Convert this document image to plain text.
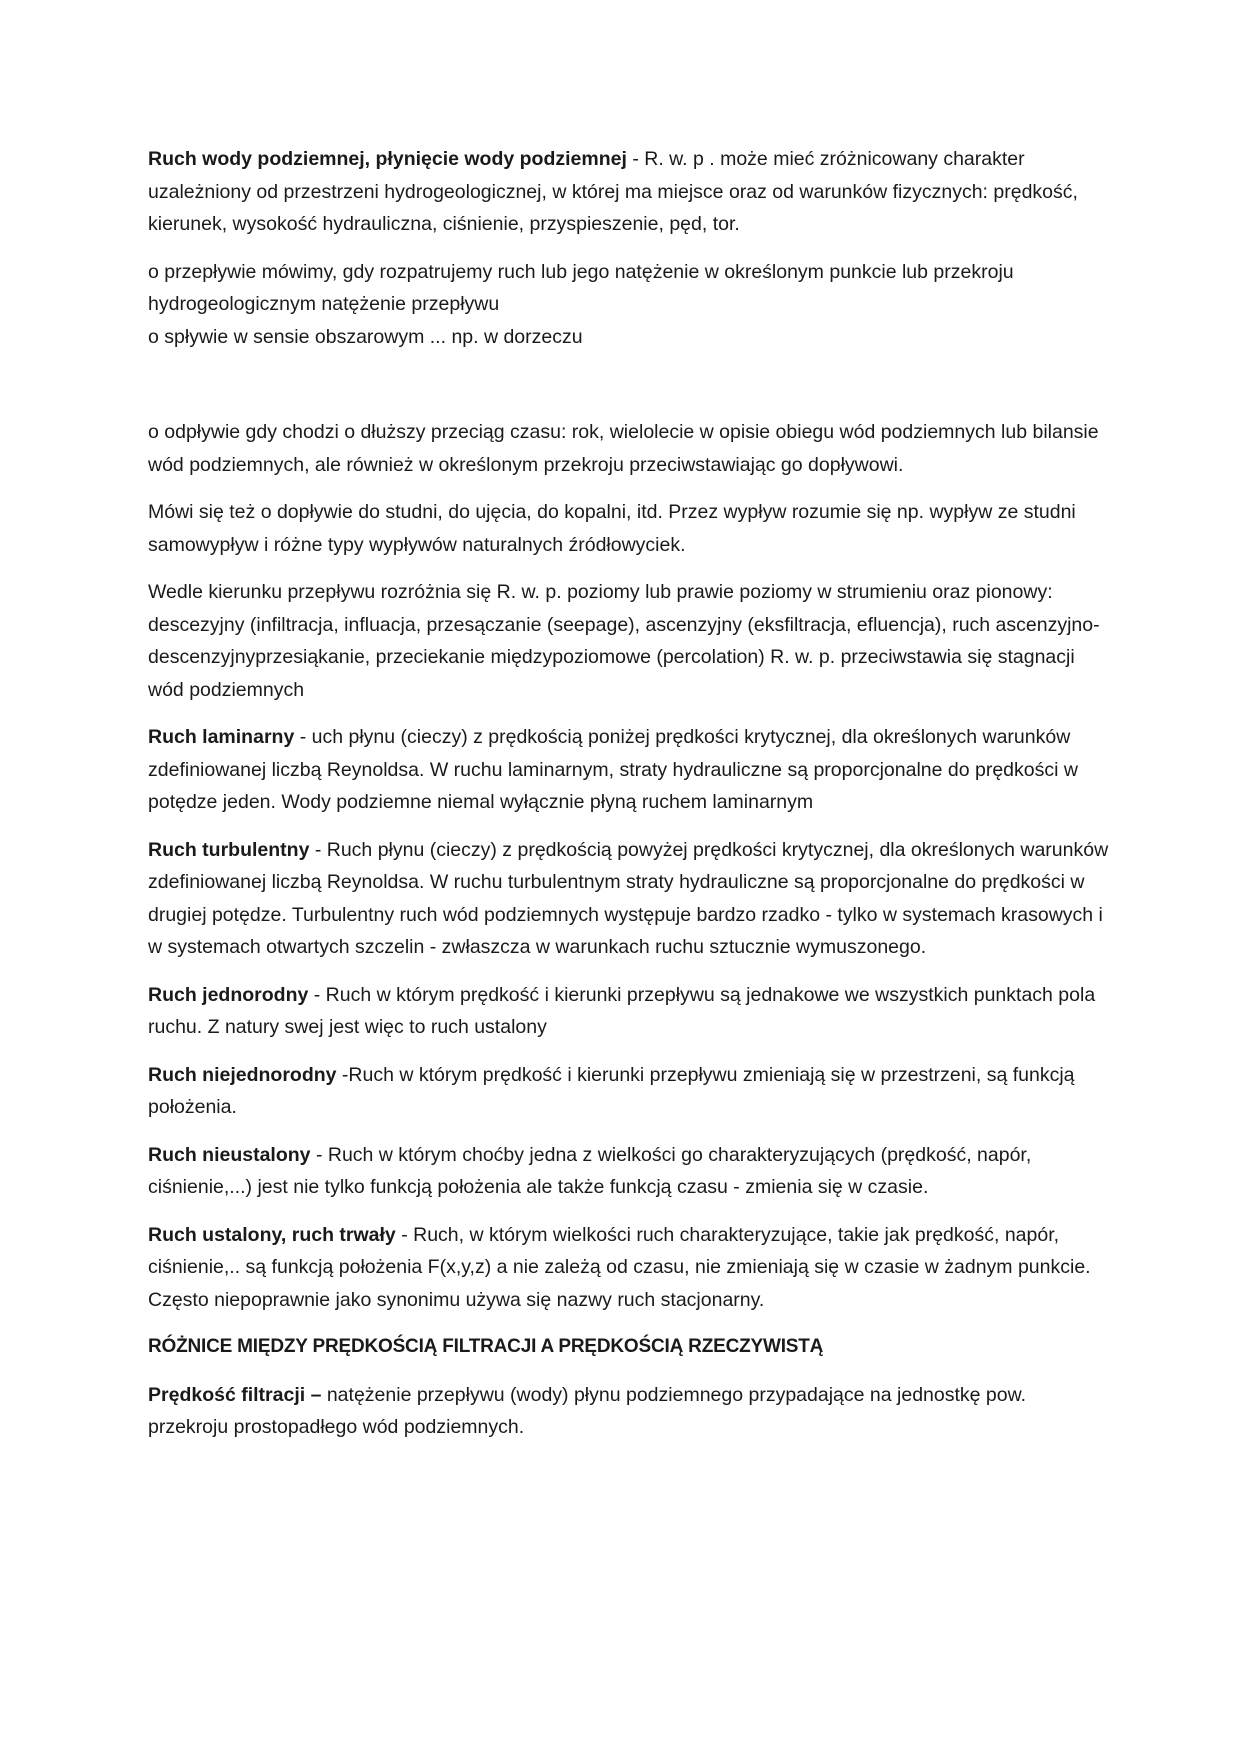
Ruch wody podziemnej, płynięcie wody podziemnej - R. w. p . może mieć zróżnicowany charakter uzależniony od przestrzeni hydrogeologicznej, w której ma miejsce oraz od warunków fizycznych: prędkość, kierunek, wysokość hydrauliczna, ciśnienie, przyspieszenie, pęd, tor.

o przepływie mówimy, gdy rozpatrujemy ruch lub jego natężenie w określonym punkcie lub przekroju hydrogeologicznym natężenie przepływu
o spływie w sensie obszarowym ... np. w dorzeczu

o odpływie gdy chodzi o dłuższy przeciąg czasu: rok, wielolecie w opisie obiegu wód podziemnych lub bilansie wód podziemnych, ale również w określonym przekroju przeciwstawiając go dopływowi.

Mówi się też o dopływie do studni, do ujęcia, do kopalni, itd. Przez wypływ rozumie się np. wypływ ze studni samowypływ i różne typy wypływów naturalnych źródłowyciek.

Wedle kierunku przepływu rozróżnia się R. w. p. poziomy lub prawie poziomy w strumieniu oraz pionowy: descezyjny (infiltracja, influacja, przesączanie (seepage), ascenzyjny (eksfiltracja, efluencja), ruch ascenzyjno-descenzyjnyprzesiąkanie, przeciekanie międzypoziomowe (percolation) R. w. p. przeciwstawia się stagnacji wód podziemnych

Ruch laminarny - uch płynu (cieczy) z prędkością poniżej prędkości krytycznej, dla określonych warunków zdefiniowanej liczbą Reynoldsa. W ruchu laminarnym, straty hydrauliczne są proporcjonalne do prędkości w potędze jeden. Wody podziemne niemal wyłącznie płyną ruchem laminarnym

Ruch turbulentny - Ruch płynu (cieczy) z prędkością powyżej prędkości krytycznej, dla określonych warunków zdefiniowanej liczbą Reynoldsa. W ruchu turbulentnym straty hydrauliczne są proporcjonalne do prędkości w drugiej potędze. Turbulentny ruch wód podziemnych występuje bardzo rzadko - tylko w systemach krasowych i w systemach otwartych szczelin - zwłaszcza w warunkach ruchu sztucznie wymuszonego.

Ruch jednorodny - Ruch w którym prędkość i kierunki przepływu są jednakowe we wszystkich punktach pola ruchu. Z natury swej jest więc to ruch ustalony

Ruch niejednorodny -Ruch w którym prędkość i kierunki przepływu zmieniają się w przestrzeni, są funkcją położenia.

Ruch nieustalony - Ruch w którym choćby jedna z wielkości go charakteryzujących (prędkość, napór, ciśnienie,...) jest nie tylko funkcją położenia ale także funkcją czasu - zmienia się w czasie.

Ruch ustalony, ruch trwały - Ruch, w którym wielkości ruch charakteryzujące, takie jak prędkość, napór, ciśnienie,.. są funkcją położenia F(x,y,z) a nie zależą od czasu, nie zmieniają się w czasie w żadnym punkcie. Często niepoprawnie jako synonimu używa się nazwy ruch stacjonarny.

RÓŻNICE MIĘDZY PRĘDKOŚCIĄ FILTRACJI A PRĘDKOŚCIĄ RZECZYWISTĄ

Prędkość filtracji – natężenie przepływu (wody) płynu podziemnego przypadające na jednostkę pow. przekroju prostopadłego wód podziemnych.
